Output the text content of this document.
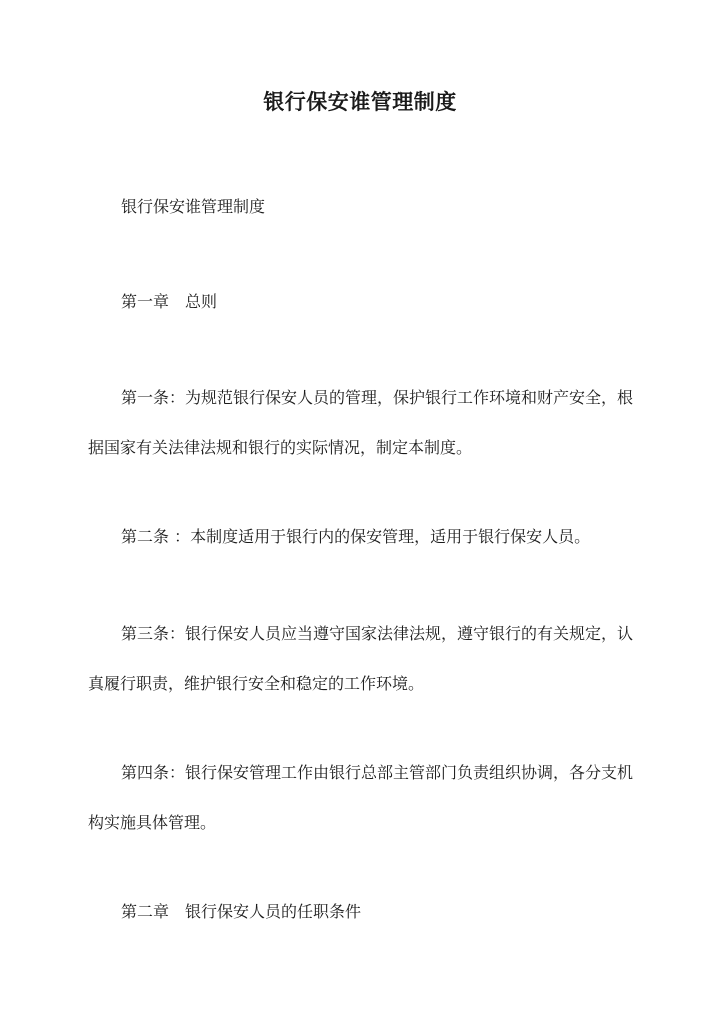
银行保安谁管理制度
银行保安谁管理制度
第一章　总则
第一条：为规范银行保安人员的管理，保护银行工作环境和财产安全，根据国家有关法律法规和银行的实际情况，制定本制度。
第二条 ：本制度适用于银行内的保安管理，适用于银行保安人员。
第三条：银行保安人员应当遵守国家法律法规，遵守银行的有关规定，认真履行职责，维护银行安全和稳定的工作环境。
第四条：银行保安管理工作由银行总部主管部门负责组织协调，各分支机构实施具体管理。
第二章　银行保安人员的任职条件
